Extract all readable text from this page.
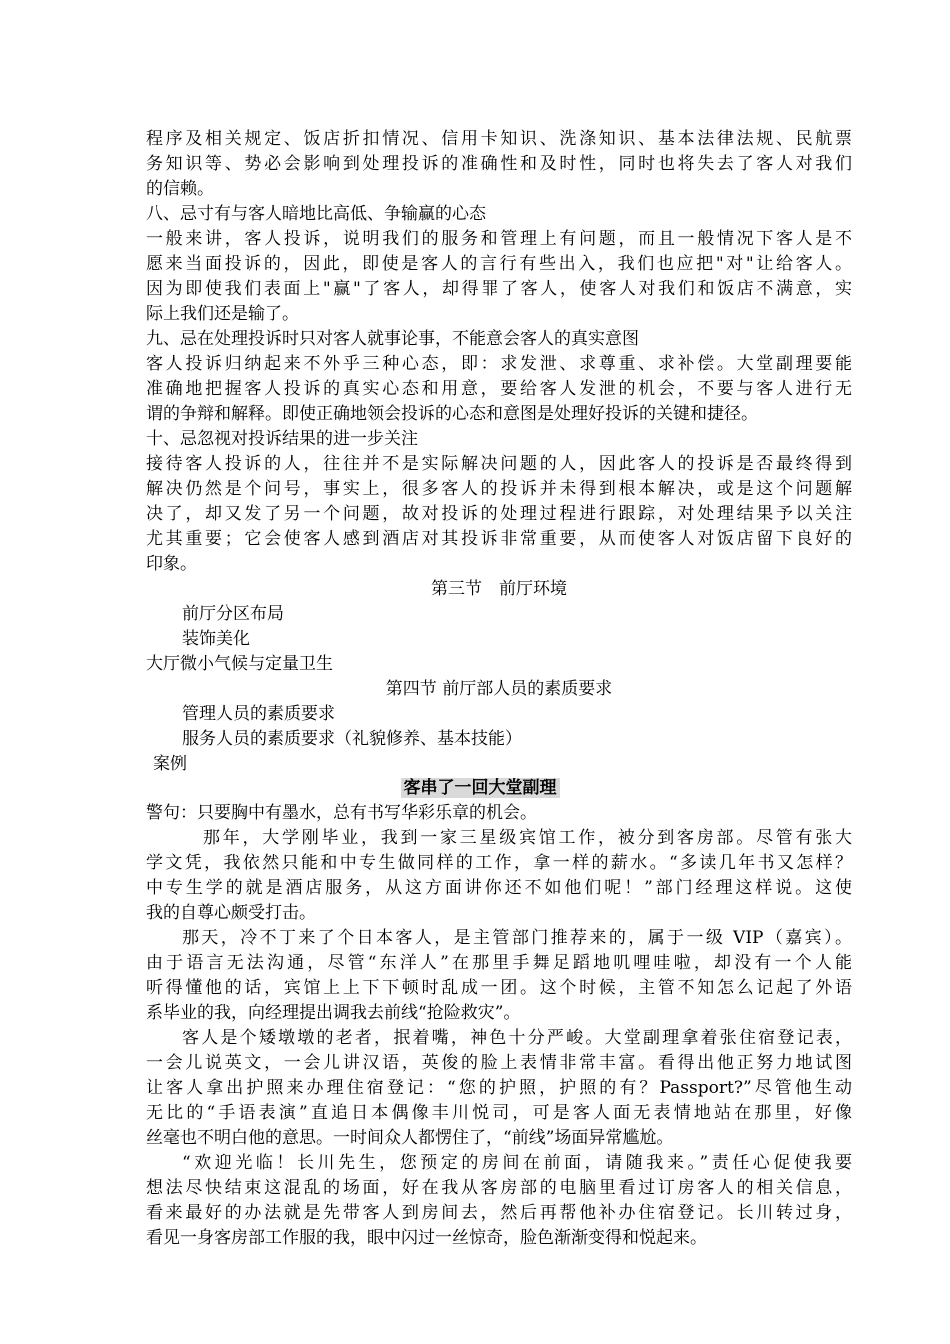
程序及相关规定、饭店折扣情况、信用卡知识、洗涤知识、基本法律法规、民航票
务知识等、势必会影响到处理投诉的准确性和及时性，同时也将失去了客人对我们
的信赖。
八、忌寸有与客人暗地比高低、争输赢的心态
一般来讲，客人投诉，说明我们的服务和管理上有问题，而且一般情况下客人是不
愿来当面投诉的，因此，即使是客人的言行有些出入，我们也应把"对"让给客人。
因为即使我们表面上"赢"了客人，却得罪了客人，使客人对我们和饭店不满意，实
际上我们还是输了。
九、忌在处理投诉时只对客人就事论事，不能意会客人的真实意图
客人投诉归纳起来不外乎三种心态，即：求发泄、求尊重、求补偿。大堂副理要能
准确地把握客人投诉的真实心态和用意，要给客人发泄的机会，不要与客人进行无
谓的争辩和解释。即使正确地领会投诉的心态和意图是处理好投诉的关键和捷径。
十、忌忽视对投诉结果的进一步关注
接待客人投诉的人，往往并不是实际解决问题的人，因此客人的投诉是否最终得到
解决仍然是个问号，事实上，很多客人的投诉并未得到根本解决，或是这个问题解
决了，却又发了另一个问题，故对投诉的处理过程进行跟踪，对处理结果予以关注
尤其重要；它会使客人感到酒店对其投诉非常重要，从而使客人对饭店留下良好的
印象。
第三节　前厅环境
前厅分区布局
装饰美化
大厅微小气候与定量卫生
第四节 前厅部人员的素质要求
管理人员的素质要求
服务人员的素质要求（礼貌修养、基本技能）
案例
客串了一回大堂副理
警句：只要胸中有墨水，总有书写华彩乐章的机会。
那年，大学刚毕业，我到一家三星级宾馆工作，被分到客房部。尽管有张大
学文凭，我依然只能和中专生做同样的工作，拿一样的薪水。“多读几年书又怎样？
中专生学的就是酒店服务，从这方面讲你还不如他们呢！”部门经理这样说。这使
我的自尊心颇受打击。
那天，冷不丁来了个日本客人，是主管部门推荐来的，属于一级 VIP（嘉宾）。
由于语言无法沟通，尽管“东洋人”在那里手舞足蹈地叽哩哇啦，却没有一个人能
听得懂他的话，宾馆上上下下顿时乱成一团。这个时候，主管不知怎么记起了外语
系毕业的我，向经理提出调我去前线“抢险救灾”。
客人是个矮墩墩的老者，抿着嘴，神色十分严峻。大堂副理拿着张住宿登记表，
一会儿说英文，一会儿讲汉语，英俊的脸上表情非常丰富。看得出他正努力地试图
让客人拿出护照来办理住宿登记：“您的护照，护照的有？Passport?”尽管他生动
无比的“手语表演”直追日本偶像丰川悦司，可是客人面无表情地站在那里，好像
丝毫也不明白他的意思。一时间众人都愣住了，“前线”场面异常尴尬。
“欢迎光临！长川先生，您预定的房间在前面，请随我来。”责任心促使我要
想法尽快结束这混乱的场面，好在我从客房部的电脑里看过订房客人的相关信息，
看来最好的办法就是先带客人到房间去，然后再帮他补办住宿登记。长川转过身，
看见一身客房部工作服的我，眼中闪过一丝惊奇，脸色渐渐变得和悦起来。
